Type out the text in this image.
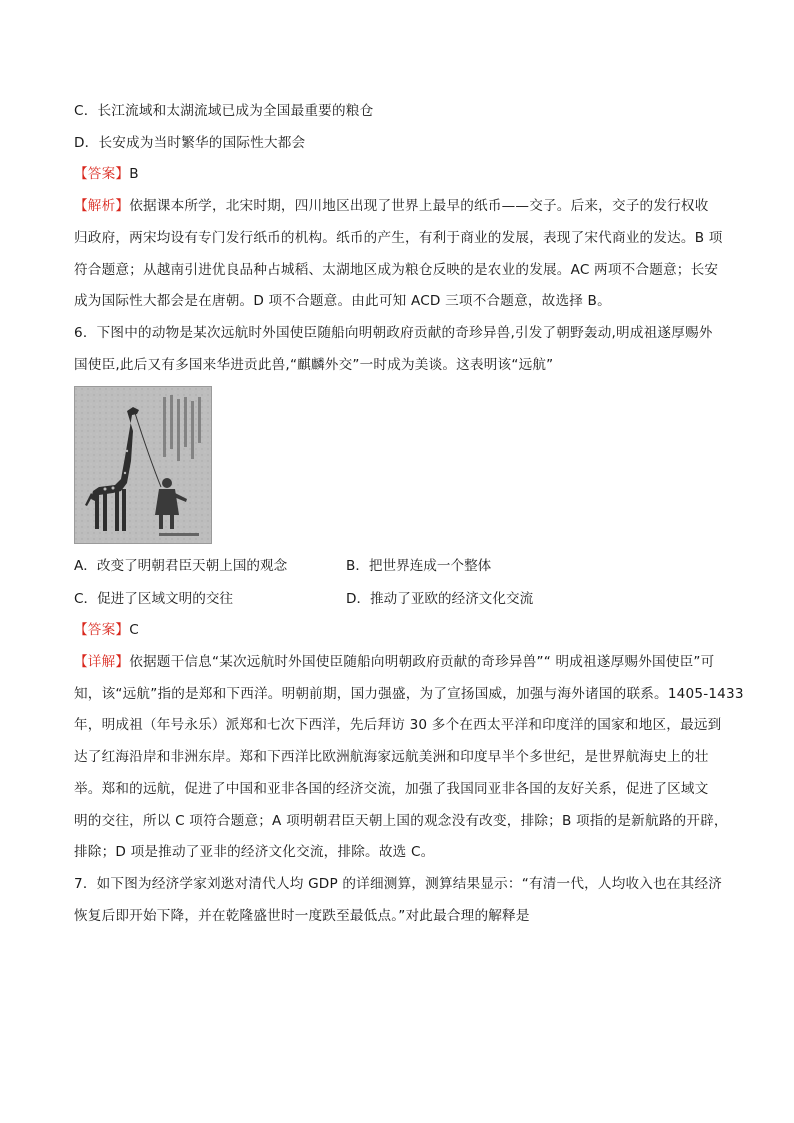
C．长江流域和太湖流域已成为全国最重要的粮仓
D．长安成为当时繁华的国际性大都会
【答案】B
【解析】依据课本所学，北宋时期，四川地区出现了世界上最早的纸币——交子。后来，交子的发行权收
归政府，两宋均设有专门发行纸币的机构。纸币的产生，有利于商业的发展，表现了宋代商业的发达。B 项
符合题意；从越南引进优良品种占城稻、太湖地区成为粮仓反映的是农业的发展。AC 两项不合题意；长安
成为国际性大都会是在唐朝。D 项不合题意。由此可知 ACD 三项不合题意，故选择 B。
6．下图中的动物是某次远航时外国使臣随船向明朝政府贡献的奇珍异兽,引发了朝野轰动,明成祖遂厚赐外
国使臣,此后又有多国来华进贡此兽,“麒麟外交”一时成为美谈。这表明该“远航”
A．改变了明朝君臣天朝上国的观念	B．把世界连成一个整体
C．促进了区域文明的交往	D．推动了亚欧的经济文化交流
【答案】C
【详解】依据题干信息“某次远航时外国使臣随船向明朝政府贡献的奇珍异兽”“ 明成祖遂厚赐外国使臣”可
知，该“远航”指的是郑和下西洋。明朝前期，国力强盛，为了宣扬国威，加强与海外诸国的联系。1405-1433
年，明成祖（年号永乐）派郑和七次下西洋，先后拜访 30 多个在西太平洋和印度洋的国家和地区，最远到
达了红海沿岸和非洲东岸。郑和下西洋比欧洲航海家远航美洲和印度早半个多世纪，是世界航海史上的壮
举。郑和的远航，促进了中国和亚非各国的经济交流，加强了我国同亚非各国的友好关系，促进了区域文
明的交往，所以 C 项符合题意；A 项明朝君臣天朝上国的观念没有改变，排除；B 项指的是新航路的开辟，
排除；D 项是推动了亚非的经济文化交流，排除。故选 C。
7．如下图为经济学家刘逖对清代人均 GDP 的详细测算，测算结果显示：“有清一代，人均收入也在其经济
恢复后即开始下降，并在乾隆盛世时一度跌至最低点。”对此最合理的解释是
